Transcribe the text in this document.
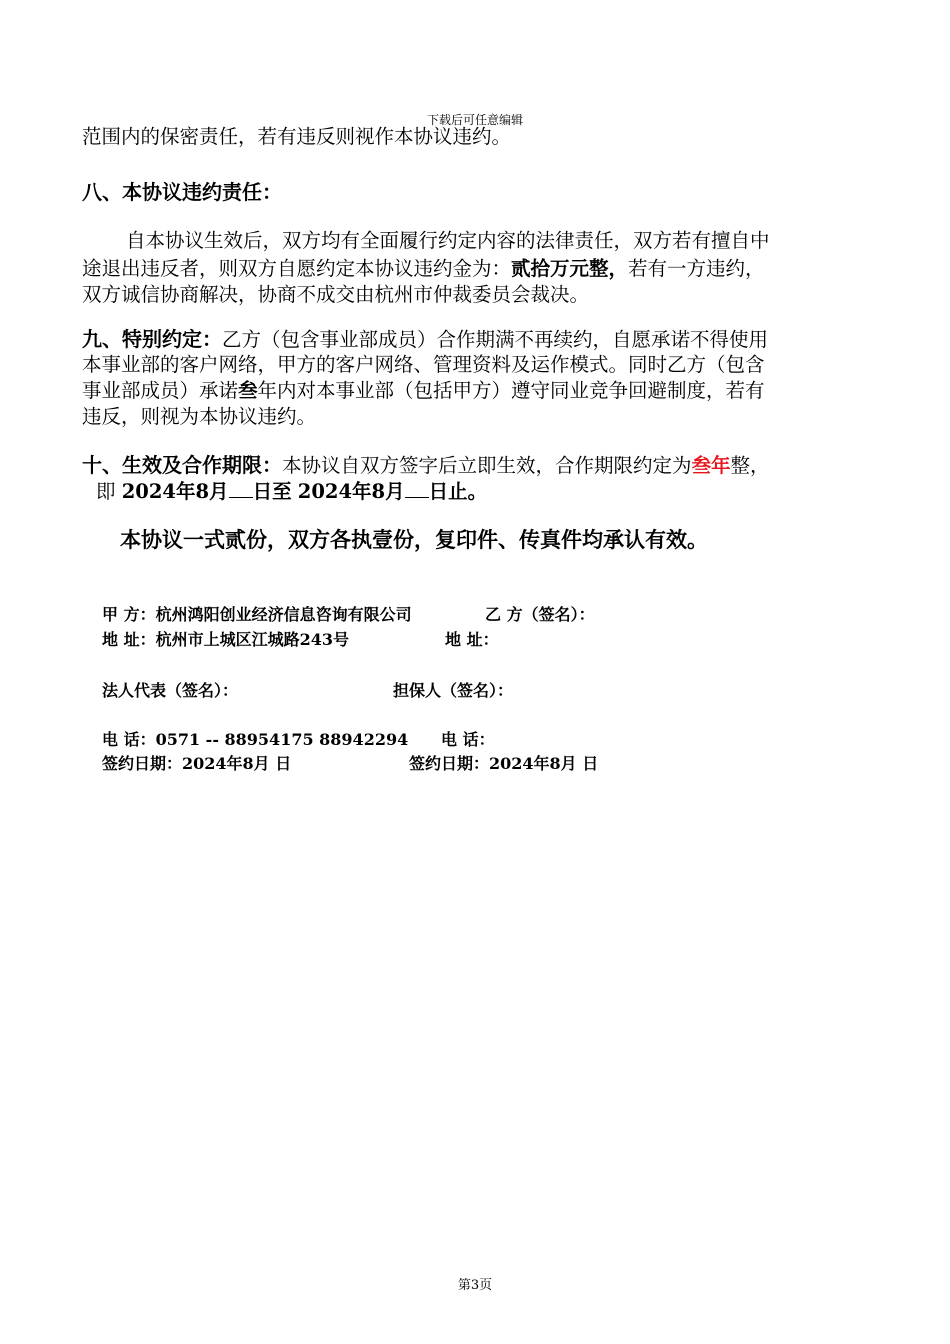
下载后可任意编辑
范围内的保密责任，若有违反则视作本协议违约。
八、本协议违约责任：
自本协议生效后，双方均有全面履行约定内容的法律责任，双方若有擅自中
途退出违反者，则双方自愿约定本协议违约金为：贰拾万元整，若有一方违约，
双方诚信协商解决，协商不成交由杭州市仲裁委员会裁决。
九、特别约定：乙方（包含事业部成员）合作期满不再续约，自愿承诺不得使用
本事业部的客户网络，甲方的客户网络、管理资料及运作模式。同时乙方（包含
事业部成员）承诺叁年内对本事业部（包括甲方）遵守同业竞争回避制度，若有
违反，则视为本协议违约。
十、生效及合作期限：本协议自双方签字后立即生效，合作期限约定为叁年整，
即 2024年8月 日至 2024年8月 日止。
本协议一式贰份，双方各执壹份，复印件、传真件均承认有效。
甲 方：杭州鸿阳创业经济信息咨询有限公司	乙 方（签名）：
地 址：杭州市上城区江城路243号	地 址：
法人代表（签名）：	担保人（签名）：
电 话：0571 -- 88954175 88942294 电 话：
签约日期：2024年8月 日	签约日期：2024年8月 日
第3页
